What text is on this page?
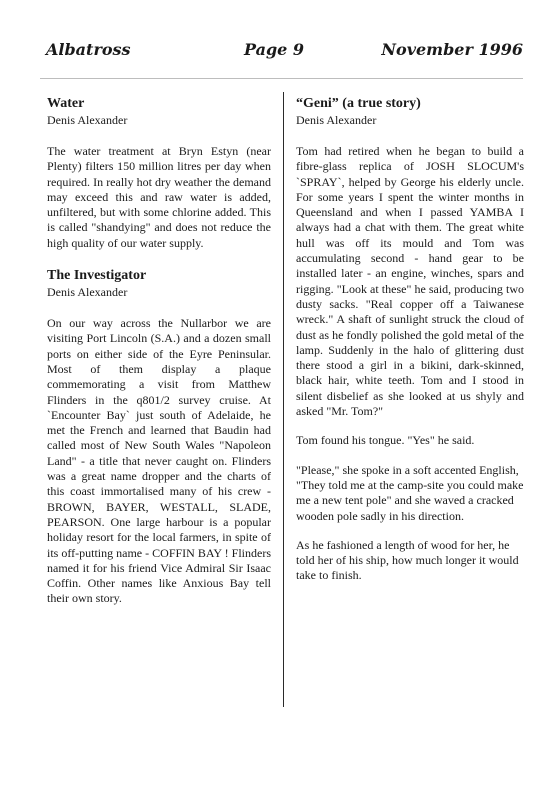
Albatross	Page 9	November 1996
Water
Denis Alexander

The water treatment at Bryn Estyn (near Plenty) filters 150 million litres per day when required. In really hot dry weather the demand may exceed this and raw water is added, unfiltered, but with some chlorine added. This is called "shandying" and does not reduce the high quality of our water supply.

The Investigator
Denis Alexander

On our way across the Nullarbor we are visiting Port Lincoln (S.A.) and a dozen small ports on either side of the Eyre Peninsular. Most of them display a plaque commemorating a visit from Matthew Flinders in the q801/2 survey cruise. At `Encounter Bay` just south of Adelaide, he met the French and learned that Baudin had called most of New South Wales "Napoleon Land" - a title that never caught on. Flinders was a great name dropper and the charts of this coast immortalised many of his crew - BROWN, BAYER, WESTALL, SLADE, PEARSON. One large harbour is a popular holiday resort for the local farmers, in spite of its off-putting name - COFFIN BAY ! Flinders named it for his friend Vice Admiral Sir Isaac Coffin. Other names like Anxious Bay tell their own story.

“Geni” (a true story)
Denis Alexander

Tom had retired when he began to build a fibre-glass replica of JOSH SLOCUM's `SPRAY`, helped by George his elderly uncle. For some years I spent the winter months in Queensland and when I passed YAMBA I always had a chat with them. The great white hull was off its mould and Tom was accumulating second - hand gear to be installed later - an engine, winches, spars and rigging. "Look at these" he said, producing two dusty sacks. "Real copper off a Taiwanese wreck." A shaft of sunlight struck the cloud of dust as he fondly polished the gold metal of the lamp. Suddenly in the halo of glittering dust there stood a girl in a bikini, dark-skinned, black hair, white teeth. Tom and I stood in silent disbelief as she looked at us shyly and asked "Mr. Tom?"

Tom found his tongue. "Yes" he said.

"Please," she spoke in a soft accented English, "They told me at the camp-site you could make me a new tent pole" and she waved a cracked wooden pole sadly in his direction.

As he fashioned a length of wood for her, he told her of his ship, how much longer it would take to finish.
